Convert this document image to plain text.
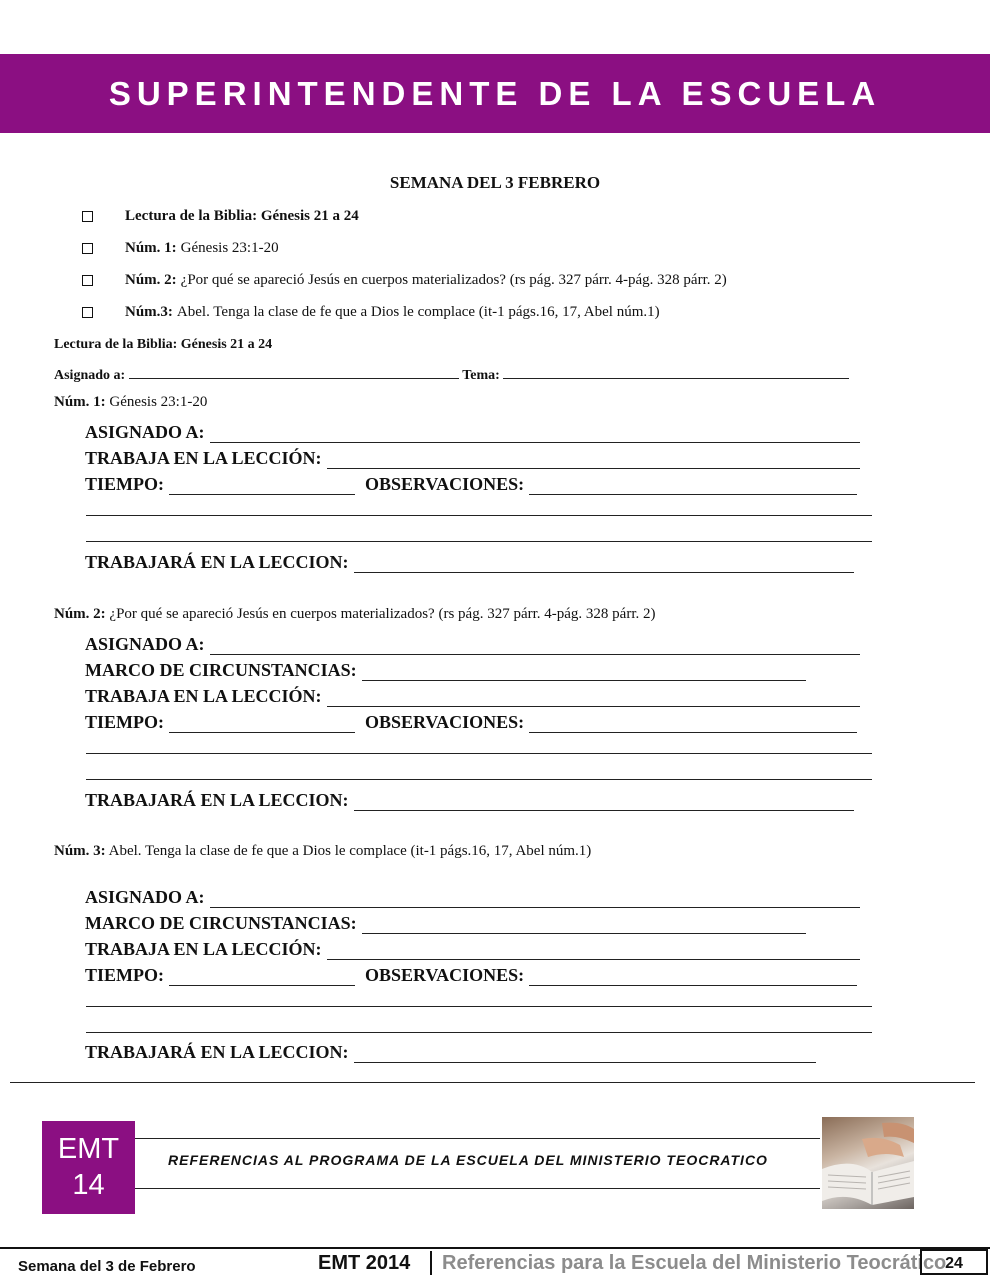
SUPERINTENDENTE DE LA ESCUELA
SEMANA DEL 3 FEBRERO
Lectura de la Biblia: Génesis 21 a 24
Núm. 1: Génesis 23:1-20
Núm. 2: ¿Por qué se apareció Jesús en cuerpos materializados? (rs pág. 327 párr. 4-pág. 328 párr. 2)
Núm.3: Abel. Tenga la clase de fe que a Dios le complace (it-1 págs.16, 17, Abel núm.1)
Lectura de la Biblia: Génesis 21 a 24
Asignado a:	Tema:
Núm. 1: Génesis 23:1-20
ASIGNADO A:
TRABAJA EN LA LECCIÓN:
TIEMPO:	OBSERVACIONES:
TRABAJARÁ EN LA LECCION:
Núm. 2: ¿Por qué se apareció Jesús en cuerpos materializados? (rs pág. 327 párr. 4-pág. 328 párr. 2)
ASIGNADO A:
MARCO DE CIRCUNSTANCIAS:
TRABAJA EN LA LECCIÓN:
TIEMPO:	OBSERVACIONES:
TRABAJARÁ EN LA LECCION:
Núm. 3: Abel. Tenga la clase de fe que a Dios le complace (it-1 págs.16, 17, Abel núm.1)
ASIGNADO A:
MARCO DE CIRCUNSTANCIAS:
TRABAJA EN LA LECCIÓN:
TIEMPO:	OBSERVACIONES:
TRABAJARÁ EN LA LECCION:
EMT
14
REFERENCIAS AL PROGRAMA DE LA ESCUELA DEL MINISTERIO TEOCRATICO
Semana del 3 de Febrero	EMT 2014 Referencias para la Escuela del Ministerio Teocrático
24
